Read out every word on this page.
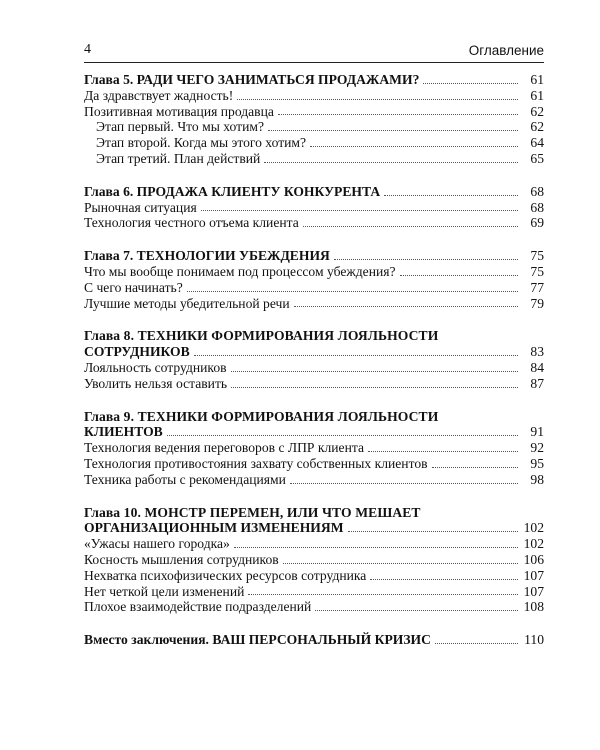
4	Оглавление
Глава 5. РАДИ ЧЕГО ЗАНИМАТЬСЯ ПРОДАЖАМИ?	61
Да здравствует жадность!	61
Позитивная мотивация продавца	62
Этап первый. Что мы хотим?	62
Этап второй. Когда мы этого хотим?	64
Этап третий. План действий	65
Глава 6. ПРОДАЖА КЛИЕНТУ КОНКУРЕНТА	68
Рыночная ситуация	68
Технология честного отъема клиента	69
Глава 7. ТЕХНОЛОГИИ УБЕЖДЕНИЯ	75
Что мы вообще понимаем под процессом убеждения?	75
С чего начинать?	77
Лучшие методы убедительной речи	79
Глава 8. ТЕХНИКИ ФОРМИРОВАНИЯ ЛОЯЛЬНОСТИ
СОТРУДНИКОВ	83
Лояльность сотрудников	84
Уволить нельзя оставить	87
Глава 9. ТЕХНИКИ ФОРМИРОВАНИЯ ЛОЯЛЬНОСТИ
КЛИЕНТОВ	91
Технология ведения переговоров с ЛПР клиента	92
Технология противостояния захвату собственных клиентов	95
Техника работы с рекомендациями	98
Глава 10. МОНСТР ПЕРЕМЕН, ИЛИ ЧТО МЕШАЕТ
ОРГАНИЗАЦИОННЫМ ИЗМЕНЕНИЯМ	102
«Ужасы нашего городка»	102
Косность мышления сотрудников	106
Нехватка психофизических ресурсов сотрудника	107
Нет четкой цели изменений	107
Плохое взаимодействие подразделений	108
Вместо заключения. ВАШ ПЕРСОНАЛЬНЫЙ КРИЗИС	110
